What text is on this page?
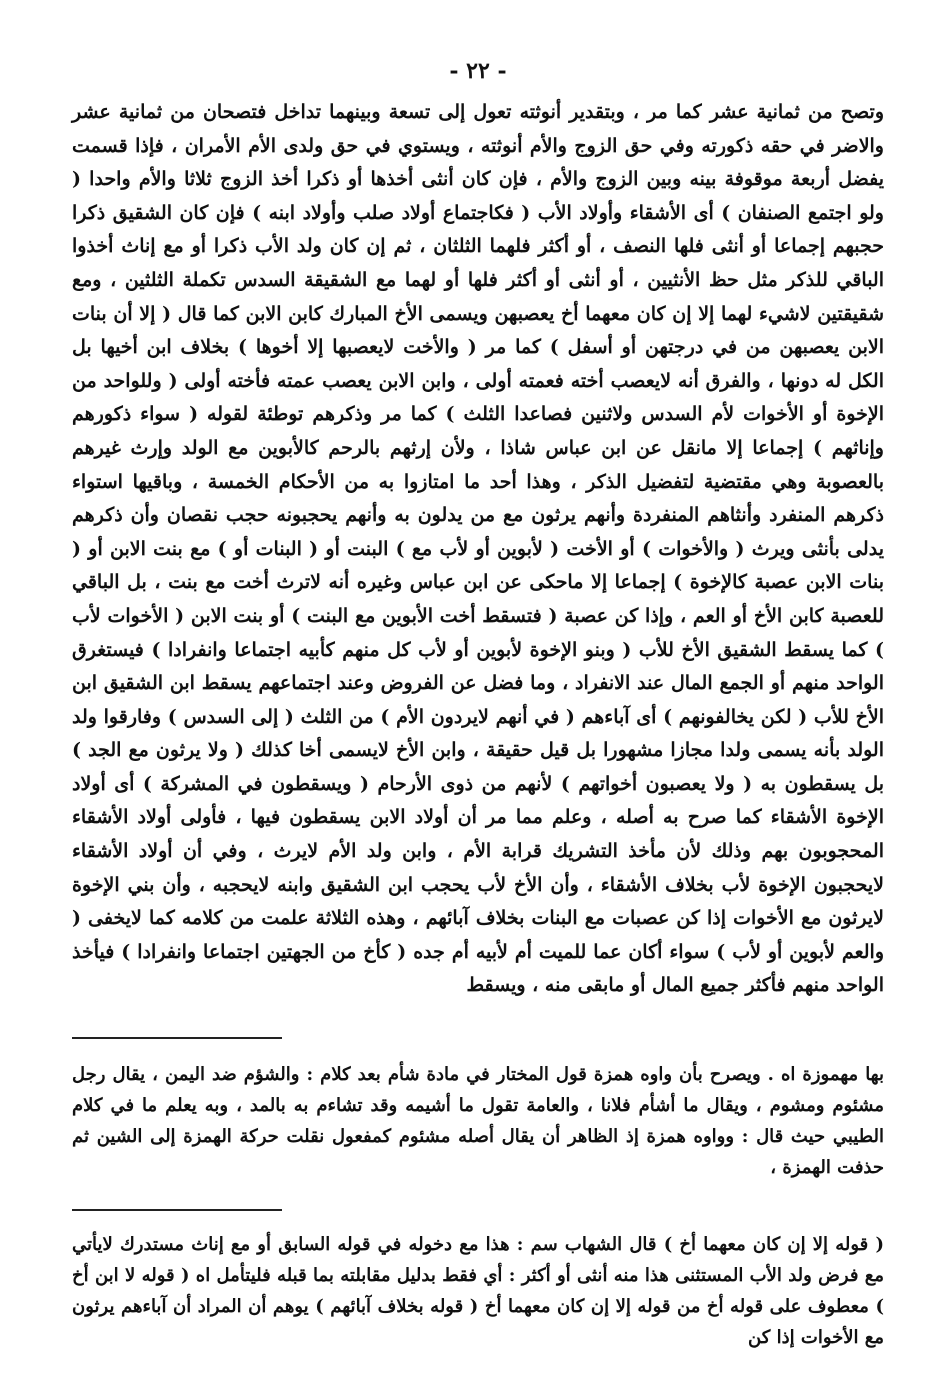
- ٢٢ -

وتصح من ثمانية عشر كما مر ، وبتقدير أنوثته تعول إلى تسعة وبينهما تداخل فتصحان من ثمانية عشر والاضر في حقه ذكورته وفي حق الزوج والأم أنوثته ، ويستوي في حق ولدى الأم الأمران ، فإذا قسمت يفضل أربعة موقوفة بينه وبين الزوج والأم ، فإن كان أنثى أخذها أو ذكرا أخذ الزوج ثلاثا والأم واحدا ( ولو اجتمع الصنفان ) أى الأشقاء وأولاد الأب ( فكاجتماع أولاد صلب وأولاد ابنه ) فإن كان الشقيق ذكرا حجبهم إجماعا أو أنثى فلها النصف ، أو أكثر فلهما الثلثان ، ثم إن كان ولد الأب ذكرا أو مع إناث أخذوا الباقي للذكر مثل حظ الأنثيين ، أو أنثى أو أكثر فلها أو لهما مع الشقيقة السدس تكملة الثلثين ، ومع شقيقتين لاشيء لهما إلا إن كان معهما أخ يعصبهن ويسمى الأخ المبارك كابن الابن كما قال ( إلا أن بنات الابن يعصبهن من في درجتهن أو أسفل ) كما مر ( والأخت لايعصبها إلا أخوها ) بخلاف ابن أخيها بل الكل له دونها ، والفرق أنه لايعصب أخته فعمته أولى ، وابن الابن يعصب عمته فأخته أولى ( وللواحد من الإخوة أو الأخوات لأم السدس ولاثنين فصاعدا الثلث ) كما مر وذكرهم توطئة لقوله ( سواء ذكورهم وإناثهم ) إجماعا إلا مانقل عن ابن عباس شاذا ، ولأن إرثهم بالرحم كالأبوين مع الولد وإرث غيرهم بالعصوبة وهي مقتضية لتفضيل الذكر ، وهذا أحد ما امتازوا به من الأحكام الخمسة ، وباقيها استواء ذكرهم المنفرد وأنثاهم المنفردة وأنهم يرثون مع من يدلون به وأنهم يحجبونه حجب نقصان وأن ذكرهم يدلى بأنثى ويرث ( والأخوات ) أو الأخت ( لأبوين أو لأب مع ) البنت أو ( البنات أو ) مع بنت الابن أو ( بنات الابن عصبة كالإخوة ) إجماعا إلا ماحكى عن ابن عباس وغيره أنه لاترث أخت مع بنت ، بل الباقي للعصبة كابن الأخ أو العم ، وإذا كن عصبة ( فتسقط أخت الأبوين مع البنت ) أو بنت الابن ( الأخوات لأب ) كما يسقط الشقيق الأخ للأب ( وبنو الإخوة لأبوين أو لأب كل منهم كأبيه اجتماعا وانفرادا ) فيستغرق الواحد منهم أو الجمع المال عند الانفراد ، وما فضل عن الفروض وعند اجتماعهم يسقط ابن الشقيق ابن الأخ للأب ( لكن يخالفونهم ) أى آباءهم ( في أنهم لايردون الأم ) من الثلث ( إلى السدس ) وفارقوا ولد الولد بأنه يسمى ولدا مجازا مشهورا بل قيل حقيقة ، وابن الأخ لايسمى أخا كذلك ( ولا يرثون مع الجد ) بل يسقطون به ( ولا يعصبون أخواتهم ) لأنهم من ذوى الأرحام ( ويسقطون في المشركة ) أى أولاد الإخوة الأشقاء كما صرح به أصله ، وعلم مما مر أن أولاد الابن يسقطون فيها ، فأولى أولاد الأشقاء المحجوبون بهم وذلك لأن مأخذ التشريك قرابة الأم ، وابن ولد الأم لايرث ، وفي أن أولاد الأشقاء لايحجبون الإخوة لأب بخلاف الأشقاء ، وأن الأخ لأب يحجب ابن الشقيق وابنه لايحجبه ، وأن بني الإخوة لايرثون مع الأخوات إذا كن عصبات مع البنات بخلاف آبائهم ، وهذه الثلاثة علمت من كلامه كما لايخفى ( والعم لأبوين أو لأب ) سواء أكان عما للميت أم لأبيه أم جده ( كأخ من الجهتين اجتماعا وانفرادا ) فيأخذ الواحد منهم فأكثر جميع المال أو مابقى منه ، ويسقط

بها مهموزة اه . ويصرح بأن واوه همزة قول المختار في مادة شأم بعد كلام : والشؤم ضد اليمن ، يقال رجل مشئوم ومشوم ، ويقال ما أشأم فلانا ، والعامة تقول ما أشيمه وقد تشاءم به بالمد ، وبه يعلم ما في كلام الطيبي حيث قال : وواوه همزة إذ الظاهر أن يقال أصله مشئوم كمفعول نقلت حركة الهمزة إلى الشين ثم حذفت الهمزة ،

( قوله إلا إن كان معهما أخ ) قال الشهاب سم : هذا مع دخوله في قوله السابق أو مع إناث مستدرك لايأتي مع فرض ولد الأب المستثنى هذا منه أنثى أو أكثر : أي فقط بدليل مقابلته بما قبله فليتأمل اه ( قوله لا ابن أخ ) معطوف على قوله أخ من قوله إلا إن كان معهما أخ ( قوله بخلاف آبائهم ) يوهم أن المراد أن آباءهم يرثون مع الأخوات إذا كن
